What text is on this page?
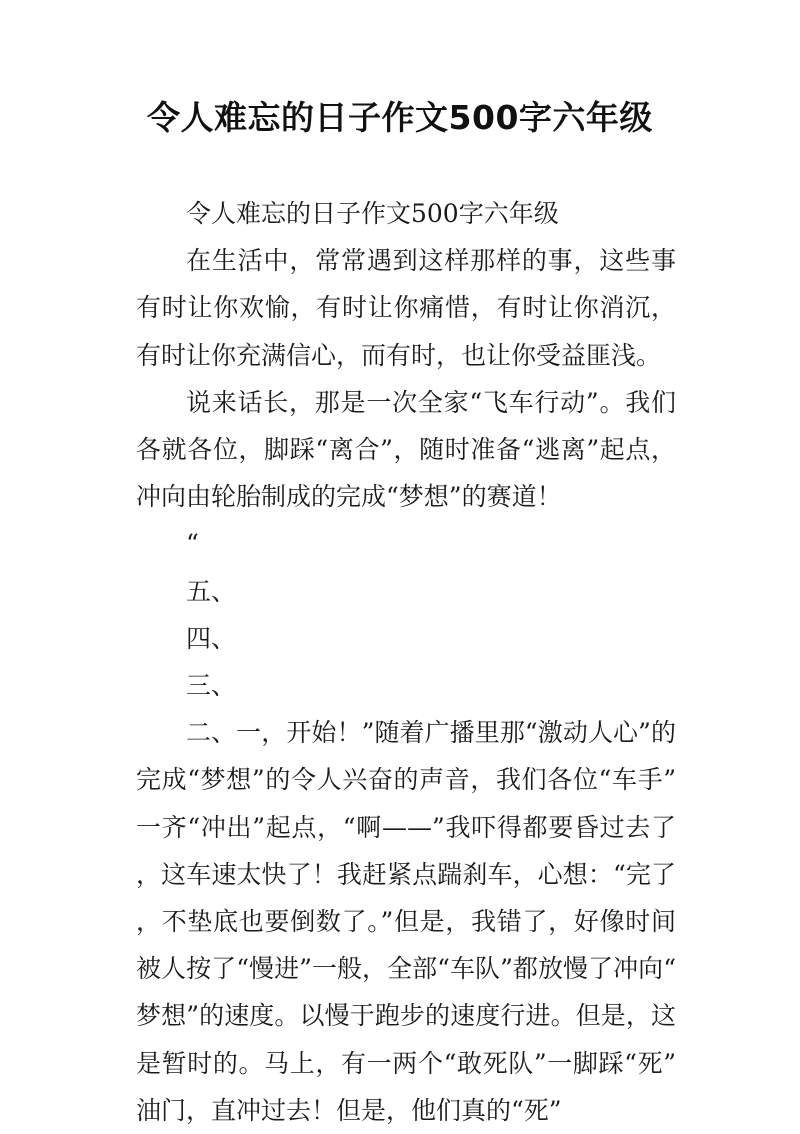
令人难忘的日子作文500字六年级

令人难忘的日子作文500字六年级

在生活中，常常遇到这样那样的事，这些事有时让你欢愉，有时让你痛惜，有时让你消沉，有时让你充满信心，而有时，也让你受益匪浅。

说来话长，那是一次全家“飞车行动”。我们各就各位，脚踩“离合”，随时准备“逃离”起点，冲向由轮胎制成的完成“梦想”的赛道！

“

五、

四、

三、

二、一，开始！”随着广播里那“激动人心”的完成“梦想”的令人兴奋的声音，我们各位“车手”一齐“冲出”起点，“啊——”我吓得都要昏过去了，这车速太快了！我赶紧点踹刹车，心想：“完了，不垫底也要倒数了。”但是，我错了，好像时间被人按了“慢进”一般，全部“车队”都放慢了冲向“梦想”的速度。以慢于跑步的速度行进。但是，这是暂时的。马上，有一两个“敢死队”一脚踩“死”油门，直冲过去！但是，他们真的“死”
